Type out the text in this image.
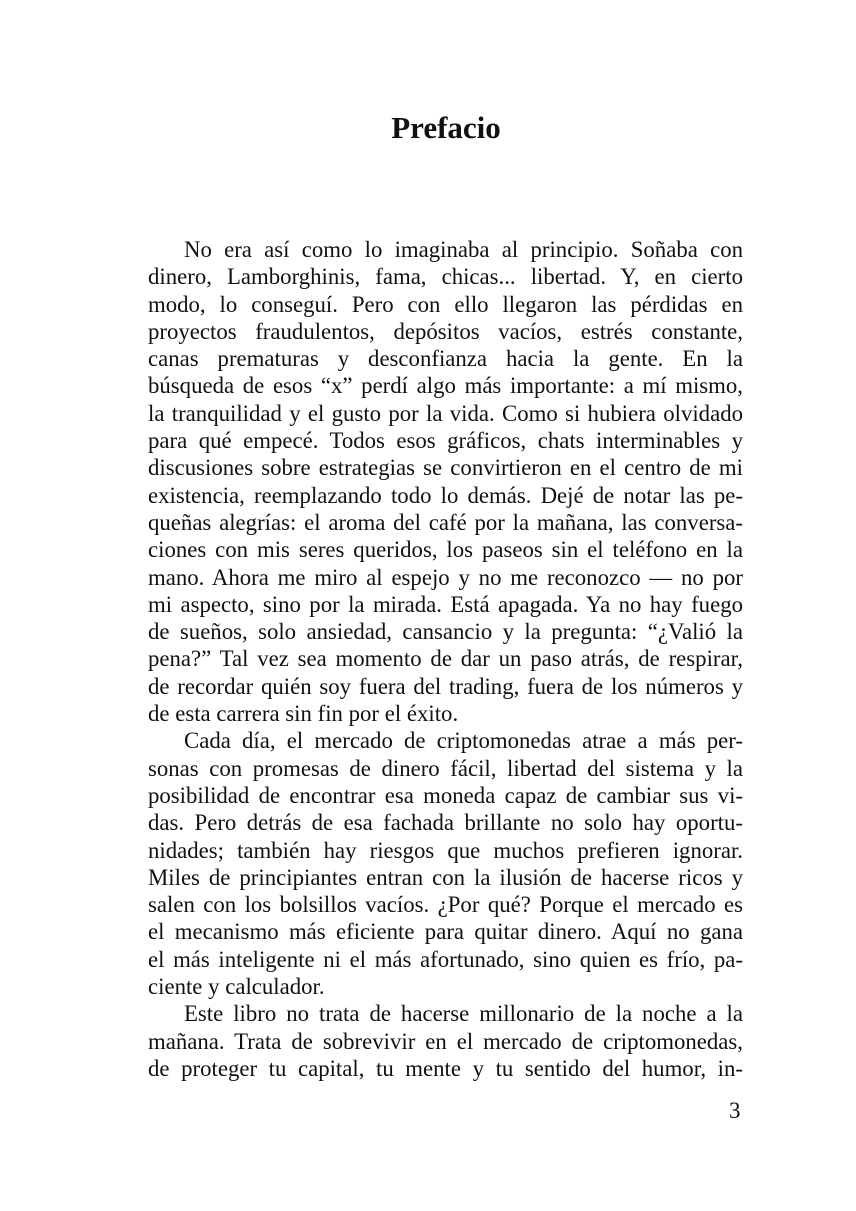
Prefacio

No era así como lo imaginaba al principio. Soñaba con
dinero, Lamborghinis, fama, chicas... libertad. Y, en cierto
modo, lo conseguí. Pero con ello llegaron las pérdidas en
proyectos fraudulentos, depósitos vacíos, estrés constante,
canas prematuras y desconfianza hacia la gente. En la
búsqueda de esos “x” perdí algo más importante: a mí mismo,
la tranquilidad y el gusto por la vida. Como si hubiera olvidado
para qué empecé. Todos esos gráficos, chats interminables y
discusiones sobre estrategias se convirtieron en el centro de mi
existencia, reemplazando todo lo demás. Dejé de notar las pe-
queñas alegrías: el aroma del café por la mañana, las conversa-
ciones con mis seres queridos, los paseos sin el teléfono en la
mano. Ahora me miro al espejo y no me reconozco — no por
mi aspecto, sino por la mirada. Está apagada. Ya no hay fuego
de sueños, solo ansiedad, cansancio y la pregunta: “¿Valió la
pena?” Tal vez sea momento de dar un paso atrás, de respirar,
de recordar quién soy fuera del trading, fuera de los números y
de esta carrera sin fin por el éxito.

Cada día, el mercado de criptomonedas atrae a más per-
sonas con promesas de dinero fácil, libertad del sistema y la
posibilidad de encontrar esa moneda capaz de cambiar sus vi-
das. Pero detrás de esa fachada brillante no solo hay oportu-
nidades; también hay riesgos que muchos prefieren ignorar.
Miles de principiantes entran con la ilusión de hacerse ricos y
salen con los bolsillos vacíos. ¿Por qué? Porque el mercado es
el mecanismo más eficiente para quitar dinero. Aquí no gana
el más inteligente ni el más afortunado, sino quien es frío, pa-
ciente y calculador.

Este libro no trata de hacerse millonario de la noche a la
mañana. Trata de sobrevivir en el mercado de criptomonedas,
de proteger tu capital, tu mente y tu sentido del humor, in-

3
